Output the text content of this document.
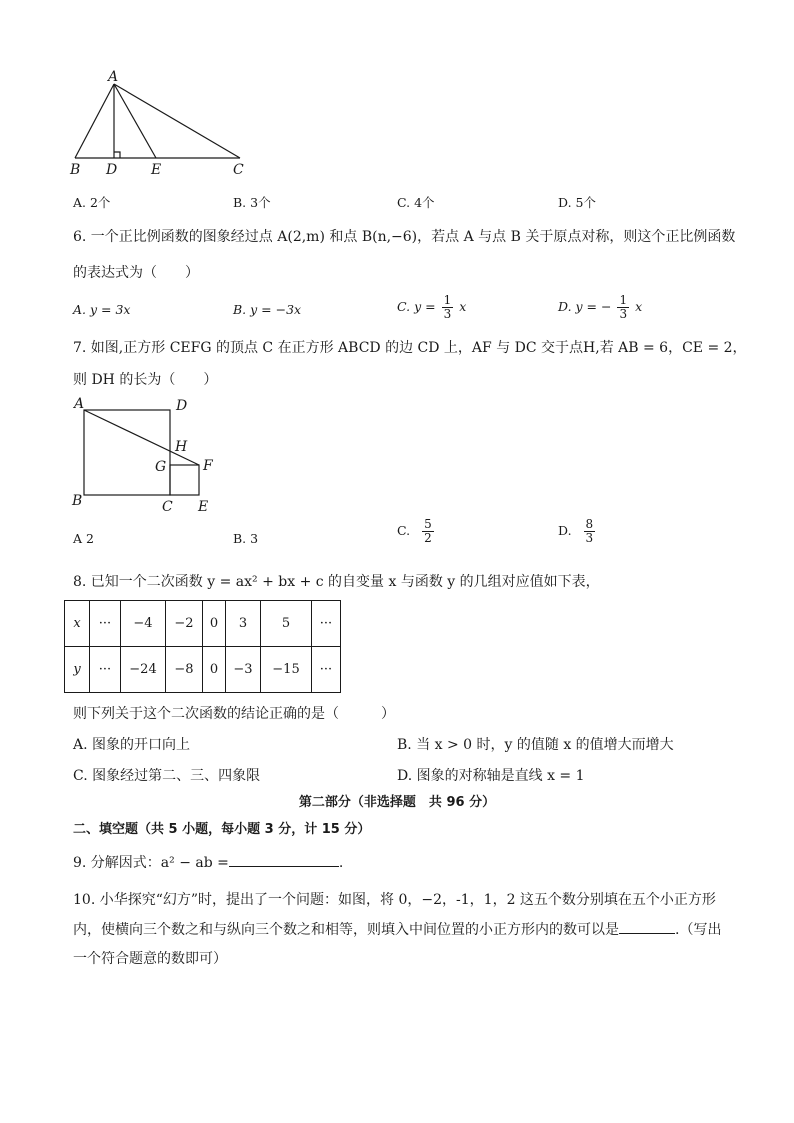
A
B D E	C
A. 2个	B. 3个	C. 4个	D. 5个
6. 一个正比例函数的图象经过点 A(2,m) 和点 B(n,−6)，若点 A 与点 B 关于原点对称，则这个正比例函数
的表达式为（　　）
A. y = 3x	B. y = −3x	C. $y = \frac{1}{3}$ x	D. y = − $\frac{1}{3}$ x
7. 如图,正方形 CEFG 的顶点 C 在正方形 ABCD 的边 CD 上，AF 与 DC 交于点H,若 AB = 6，CE = 2，
则 DH 的长为（　　）
A	D
H
G	F
B	C E
A 2	B. 3
C. $\frac{5}{2}$	D. $\frac{8}{3}$
8. 已知一个二次函数 y = ax² + bx + c 的自变量 x 与函数 y 的几组对应值如下表，
x	···	−4	−2	0	3	5	···
y	···	−24	−8	0	−3	−15	···
则下列关于这个二次函数的结论正确的是（　　　）
A. 图象的开口向上	B. 当 x > 0 时，y 的值随 x 的值增大而增大
C. 图象经过第二、三、四象限	D. 图象的对称轴是直线 x = 1
第二部分（非选择题　共 96 分）
二、填空题（共 5 小题，每小题 3 分，计 15 分）
9. 分解因式：a² − ab =	.
10. 小华探究“幻方”时，提出了一个问题：如图，将 0，−2，-1，1，2 这五个数分别填在五个小正方形
内，使横向三个数之和与纵向三个数之和相等，则填入中间位置的小正方形内的数可以是	.（写出
一个符合题意的数即可）
